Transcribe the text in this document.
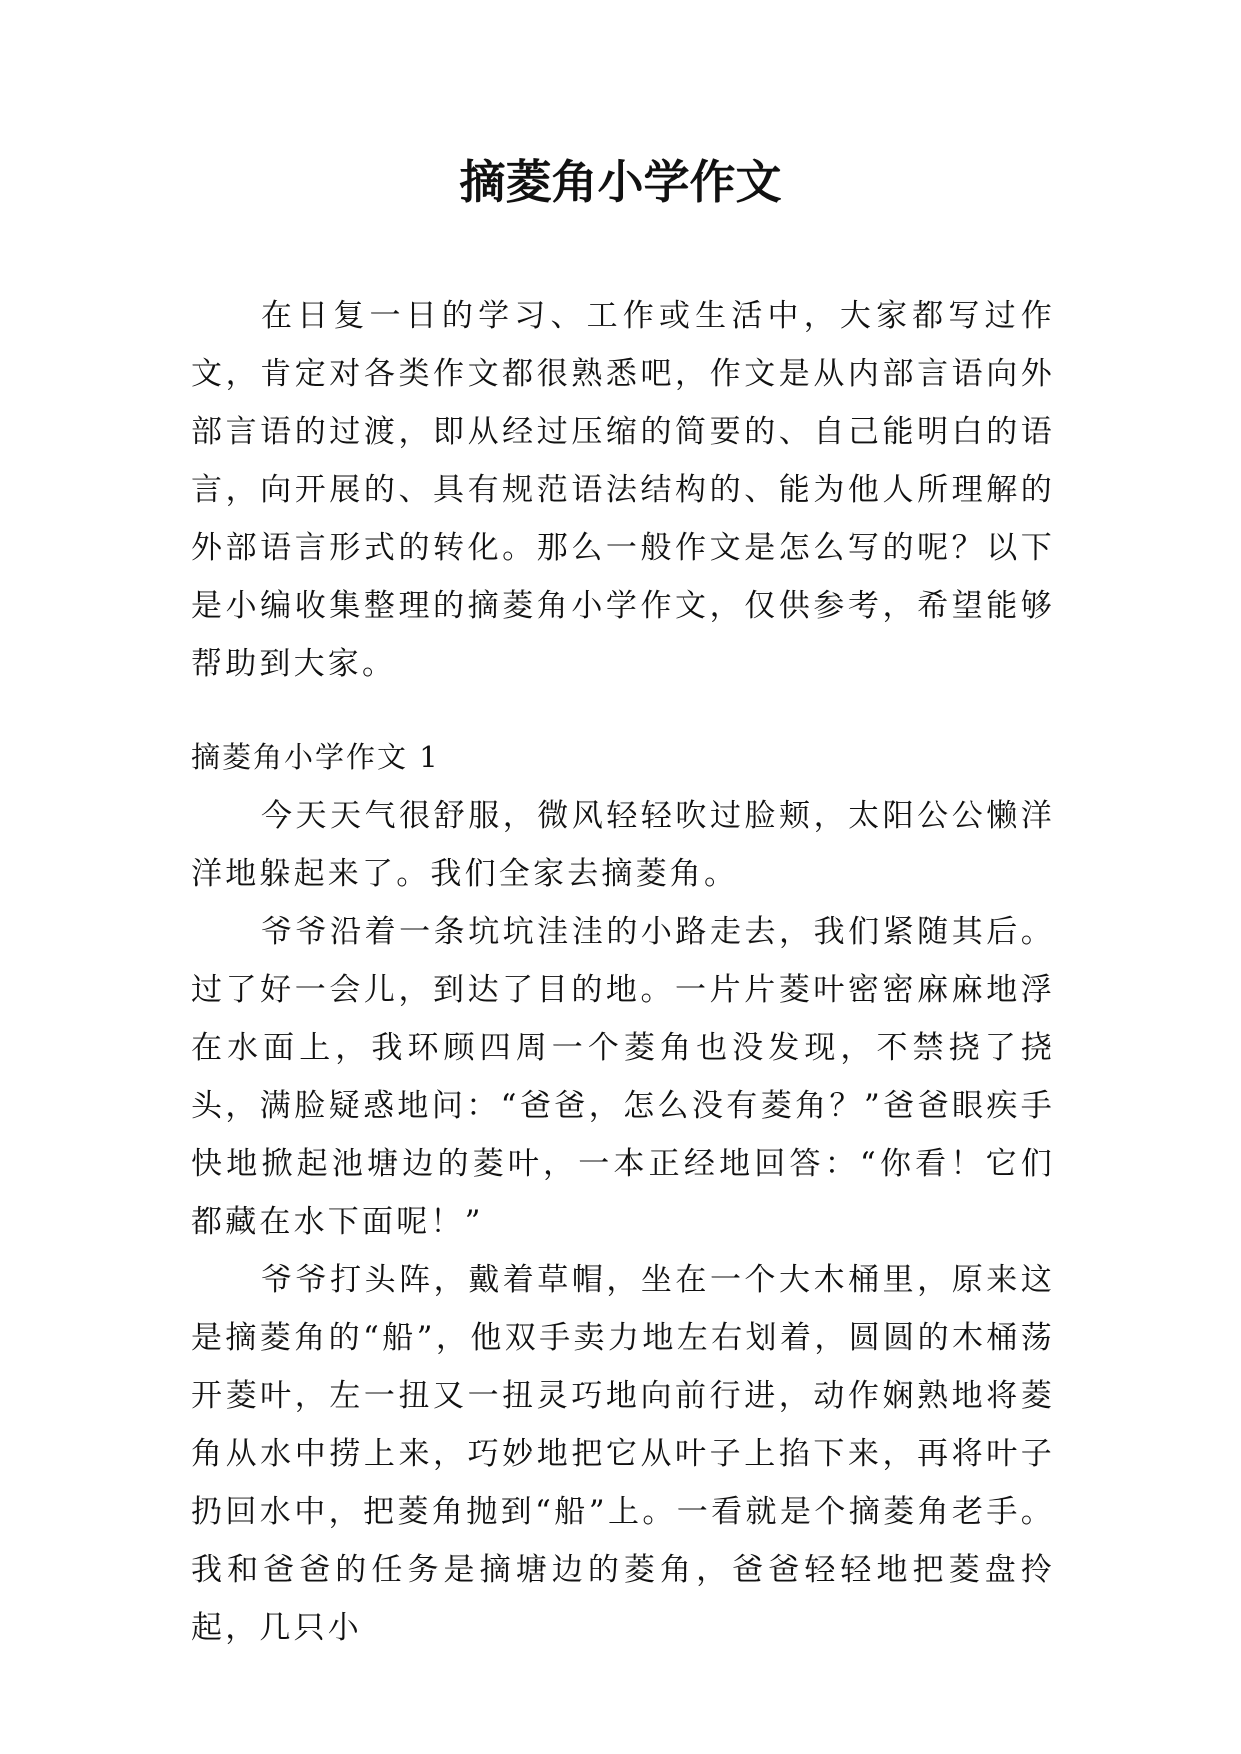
摘菱角小学作文

在日复一日的学习、工作或生活中，大家都写过作文，肯定对各类作文都很熟悉吧，作文是从内部言语向外部言语的过渡，即从经过压缩的简要的、自己能明白的语言，向开展的、具有规范语法结构的、能为他人所理解的外部语言形式的转化。那么一般作文是怎么写的呢？以下是小编收集整理的摘菱角小学作文，仅供参考，希望能够帮助到大家。

摘菱角小学作文 1

今天天气很舒服，微风轻轻吹过脸颊，太阳公公懒洋洋地躲起来了。我们全家去摘菱角。

爷爷沿着一条坑坑洼洼的小路走去，我们紧随其后。过了好一会儿，到达了目的地。一片片菱叶密密麻麻地浮在水面上，我环顾四周一个菱角也没发现，不禁挠了挠头，满脸疑惑地问：“爸爸，怎么没有菱角？”爸爸眼疾手快地掀起池塘边的菱叶，一本正经地回答：“你看！它们都藏在水下面呢！”

爷爷打头阵，戴着草帽，坐在一个大木桶里，原来这是摘菱角的“船”，他双手卖力地左右划着，圆圆的木桶荡开菱叶，左一扭又一扭灵巧地向前行进，动作娴熟地将菱角从水中捞上来，巧妙地把它从叶子上掐下来，再将叶子扔回水中，把菱角抛到“船”上。一看就是个摘菱角老手。我和爸爸的任务是摘塘边的菱角，爸爸轻轻地把菱盘拎起，几只小
